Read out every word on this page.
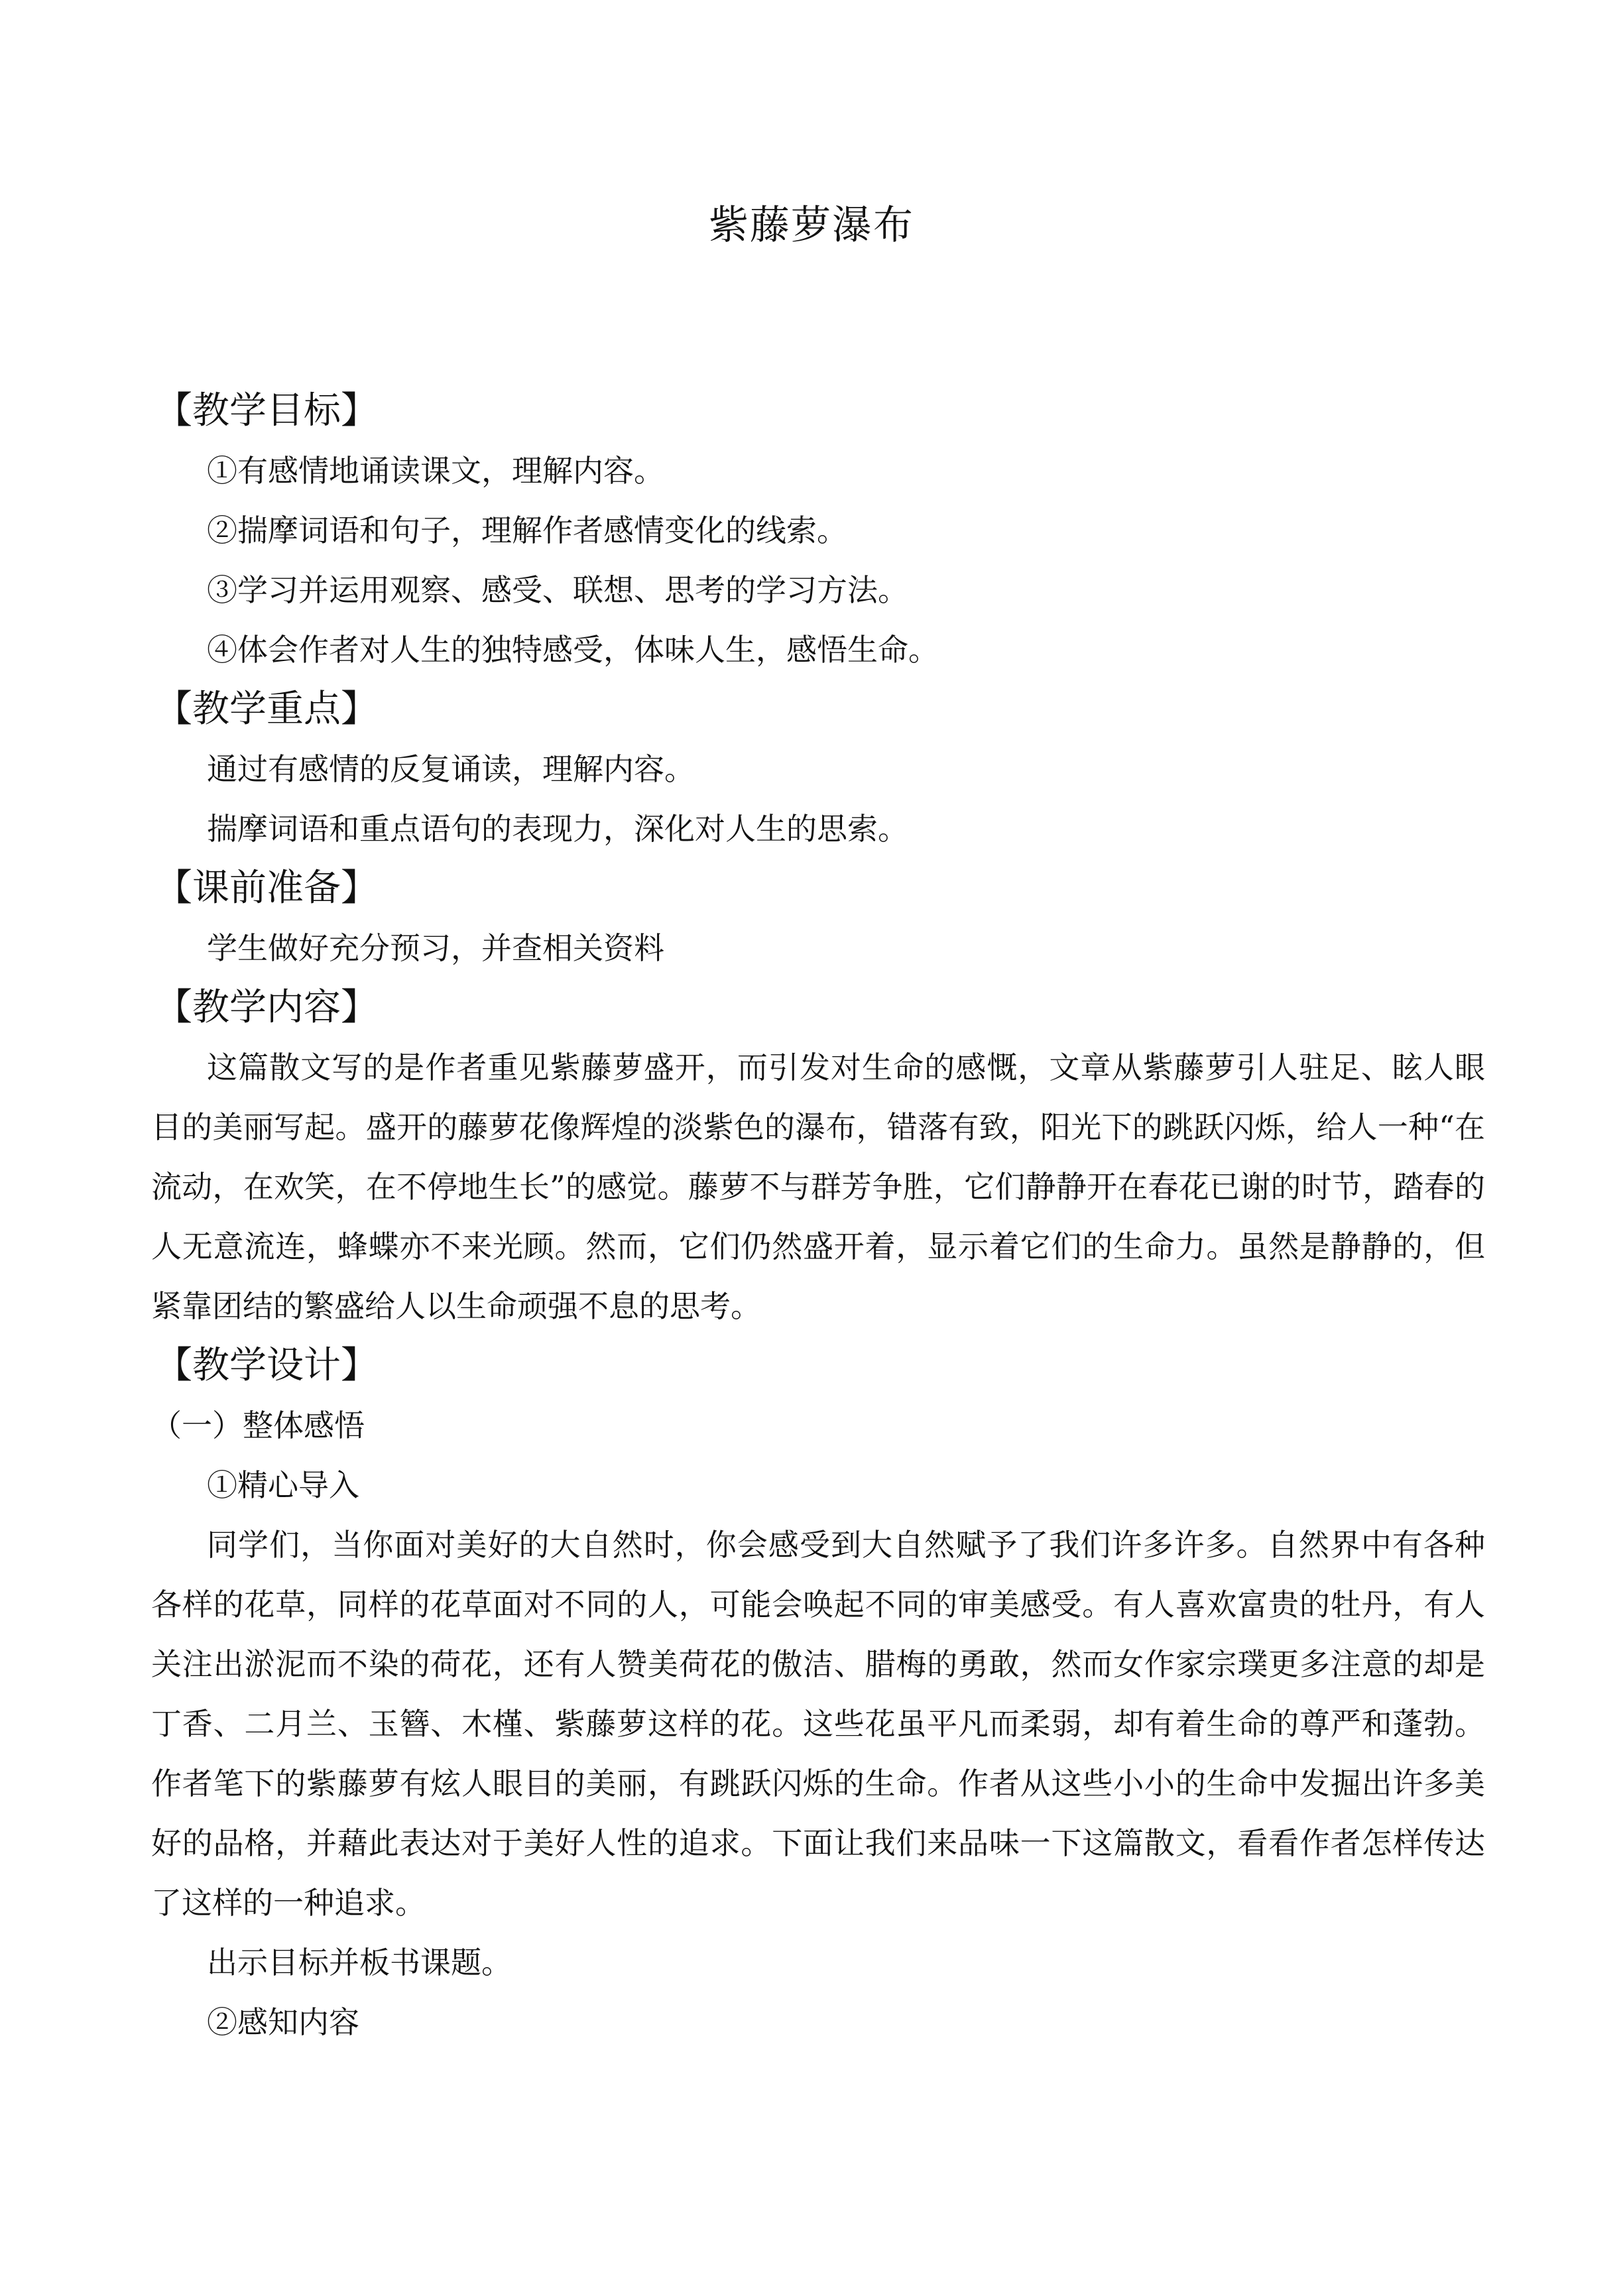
紫藤萝瀑布
【教学目标】
①有感情地诵读课文，理解内容。
②揣摩词语和句子，理解作者感情变化的线索。
③学习并运用观察、感受、联想、思考的学习方法。
④体会作者对人生的独特感受，体味人生，感悟生命。
【教学重点】
通过有感情的反复诵读，理解内容。
揣摩词语和重点语句的表现力，深化对人生的思索。
【课前准备】
学生做好充分预习，并查相关资料
【教学内容】

这篇散文写的是作者重见紫藤萝盛开，而引发对生命的感慨，文章从紫藤萝引人驻足、眩人眼目的美丽写起。盛开的藤萝花像辉煌的淡紫色的瀑布，错落有致，阳光下的跳跃闪烁，给人一种“在流动，在欢笑，在不停地生长”的感觉。藤萝不与群芳争胜，它们静静开在春花已谢的时节，踏春的人无意流连，蜂蝶亦不来光顾。然而，它们仍然盛开着，显示着它们的生命力。虽然是静静的，但紧靠团结的繁盛给人以生命顽强不息的思考。

【教学设计】
（一）整体感悟
①精心导入

同学们，当你面对美好的大自然时，你会感受到大自然赋予了我们许多许多。自然界中有各种各样的花草，同样的花草面对不同的人，可能会唤起不同的审美感受。有人喜欢富贵的牡丹，有人关注出淤泥而不染的荷花，还有人赞美荷花的傲洁、腊梅的勇敢，然而女作家宗璞更多注意的却是丁香、二月兰、玉簪、木槿、紫藤萝这样的花。这些花虽平凡而柔弱，却有着生命的尊严和蓬勃。作者笔下的紫藤萝有炫人眼目的美丽，有跳跃闪烁的生命。作者从这些小小的生命中发掘出许多美好的品格，并藉此表达对于美好人性的追求。下面让我们来品味一下这篇散文，看看作者怎样传达了这样的一种追求。

出示目标并板书课题。
②感知内容
